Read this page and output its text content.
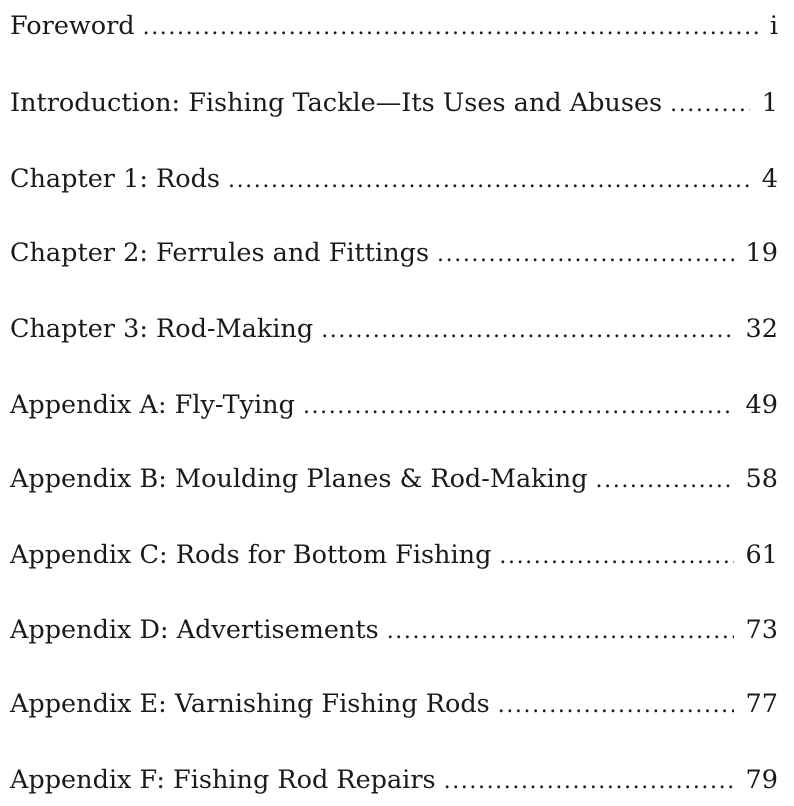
Foreword .....	i
Introduction: Fishing Tackle—Its Uses and Abuses .....	1
Chapter 1: Rods .....	4
Chapter 2: Ferrules and Fittings .....	19
Chapter 3: Rod-Making .....	32
Appendix A: Fly-Tying .....	49
Appendix B: Moulding Planes & Rod-Making .....	58
Appendix C: Rods for Bottom Fishing .....	61
Appendix D: Advertisements .....	73
Appendix E: Varnishing Fishing Rods .....	77
Appendix F: Fishing Rod Repairs .....	79
